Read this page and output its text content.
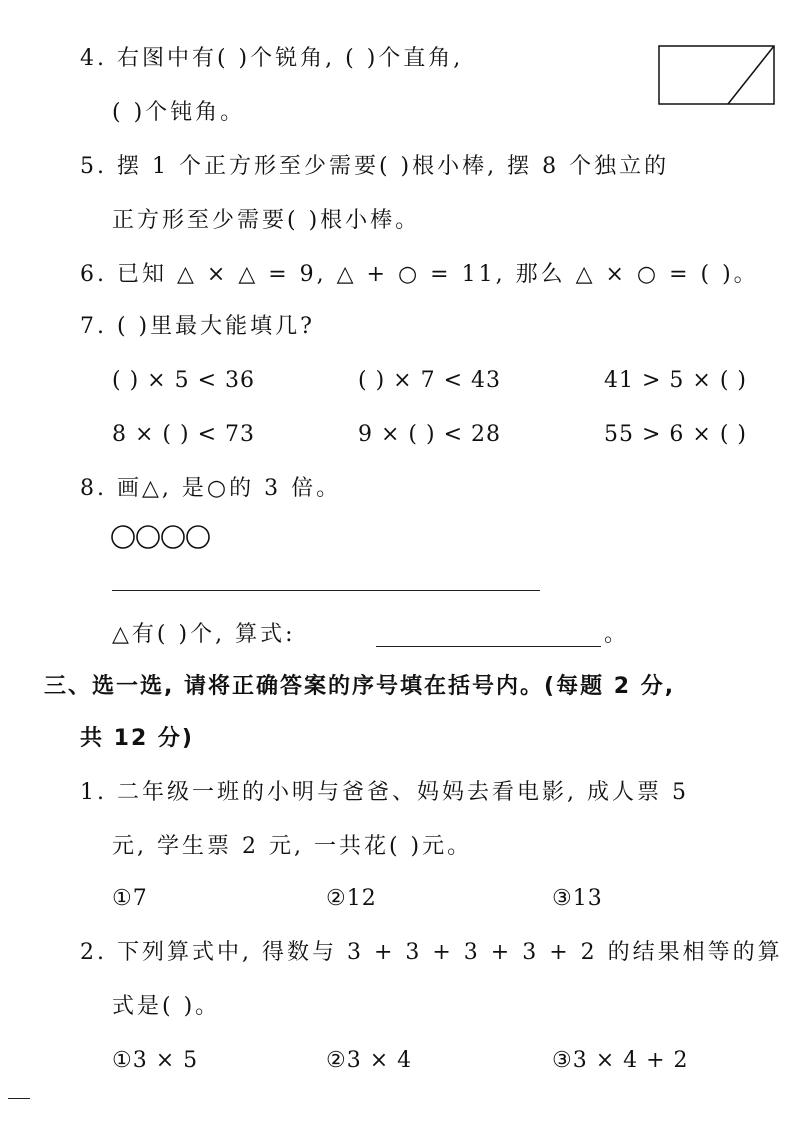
4. 右图中有( )个锐角, ( )个直角,
( )个钝角。
5. 摆 1 个正方形至少需要( )根小棒, 摆 8 个独立的
正方形至少需要( )根小棒。
6. 已知 △ × △ = 9, △ + ○ = 11, 那么 △ × ○ = ( )。
7. ( )里最大能填几?
( ) × 5 < 36	( ) × 7 < 43	41 > 5 × ( )
8 × ( ) < 73	9 × ( ) < 28	55 > 6 × ( )
8. 画△, 是○的 3 倍。
△有( )个, 算式:	。
三、选一选, 请将正确答案的序号填在括号内。(每题 2 分,
共 12 分)
1. 二年级一班的小明与爸爸、妈妈去看电影, 成人票 5
元, 学生票 2 元, 一共花( )元。
①7	②12	③13
2. 下列算式中, 得数与 3 + 3 + 3 + 3 + 2 的结果相等的算
式是( )。
①3 × 5	②3 × 4	③3 × 4 + 2
